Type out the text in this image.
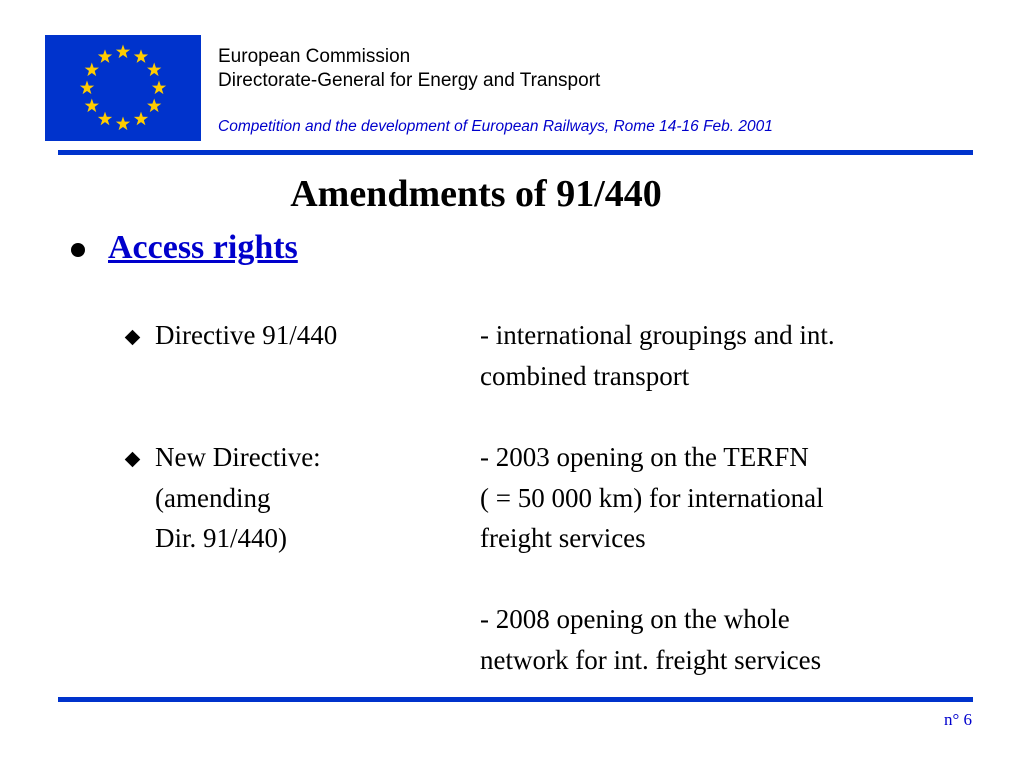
European Commission
Directorate-General for Energy and Transport
Competition and the development of European Railways, Rome 14-16 Feb. 2001
Amendments of 91/440
Access rights
Directive 91/440	- international groupings and int.
combined transport
New Directive:
(amending
Dir. 91/440)
- 2003 opening on the TERFN
( = 50 000 km) for international
freight services
- 2008 opening on the whole
network for int. freight services
n° 6
